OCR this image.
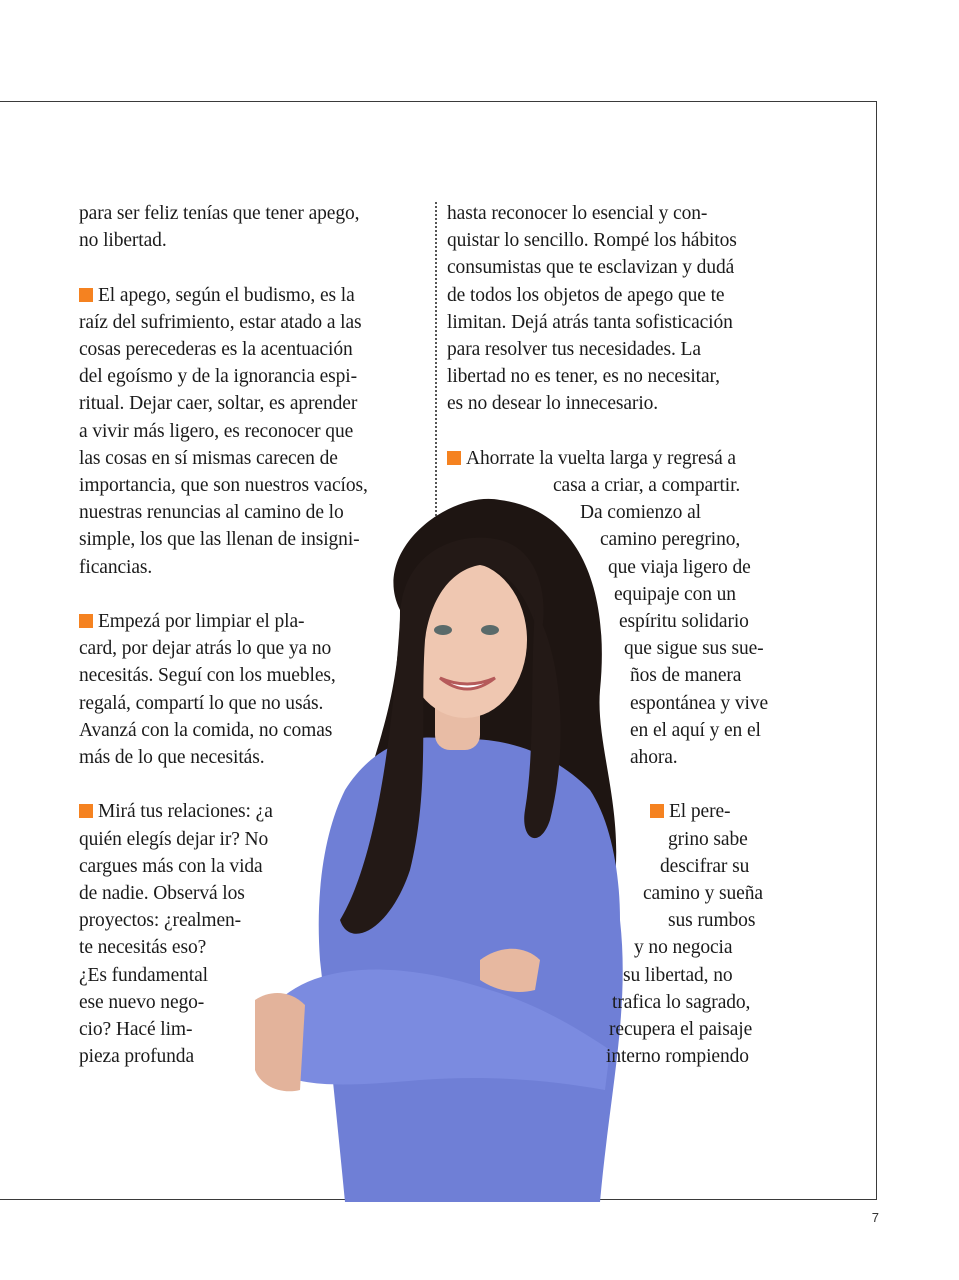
para ser feliz tenías que tener apego,
no libertad.
El apego, según el budismo, es la
raíz del sufrimiento, estar atado a las
cosas perecederas es la acentuación
del egoísmo y de la ignorancia espi-
ritual. Dejar caer, soltar, es aprender
a vivir más ligero, es reconocer que
las cosas en sí mismas carecen de
importancia, que son nuestros vacíos,
nuestras renuncias al camino de lo
simple, los que las llenan de insigni-
ficancias.
Empezá por limpiar el pla-
card, por dejar atrás lo que ya no
necesitás. Seguí con los muebles,
regalá, compartí lo que no usás.
Avanzá con la comida, no comas
más de lo que necesitás.
Mirá tus relaciones: ¿a
quién elegís dejar ir? No
cargues más con la vida
de nadie. Observá los
proyectos: ¿realmen-
te necesitás eso?
¿Es fundamental
ese nuevo nego-
cio? Hacé lim-
pieza profunda
hasta reconocer lo esencial y con-
quistar lo sencillo. Rompé los hábitos
consumistas que te esclavizan y dudá
de todos los objetos de apego que te
limitan. Dejá atrás tanta sofisticación
para resolver tus necesidades. La
libertad no es tener, es no necesitar,
es no desear lo innecesario.
Ahorrate la vuelta larga y regresá a
casa a criar, a compartir.
Da comienzo al
camino peregrino,
que viaja ligero de
equipaje con un
espíritu solidario
que sigue sus sue-
ños de manera
espontánea y vive
en el aquí y en el
ahora.
El pere-
grino sabe
descifrar su
camino y sueña
sus rumbos
y no negocia
su libertad, no
trafica lo sagrado,
recupera el paisaje
interno rompiendo
7
